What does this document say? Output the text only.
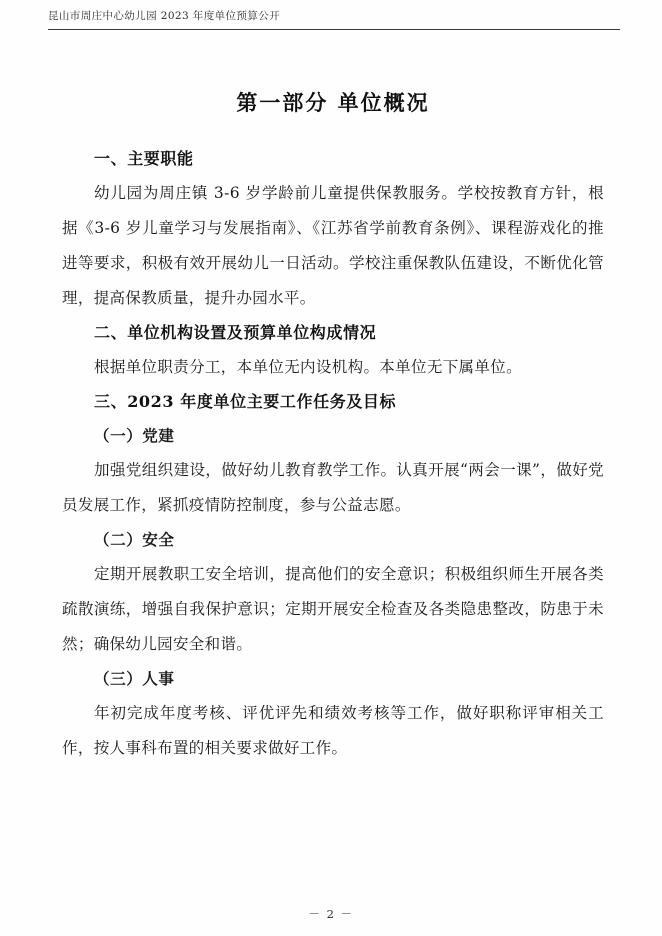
昆山市周庄中心幼儿园 2023 年度单位预算公开
第一部分 单位概况
一、主要职能

幼儿园为周庄镇 3-6 岁学龄前儿童提供保教服务。学校按教育方针，根据《3-6 岁儿童学习与发展指南》、《江苏省学前教育条例》、课程游戏化的推进等要求，积极有效开展幼儿一日活动。学校注重保教队伍建设，不断优化管理，提高保教质量，提升办园水平。

二、单位机构设置及预算单位构成情况

根据单位职责分工，本单位无内设机构。本单位无下属单位。

三、2023 年度单位主要工作任务及目标
（一）党建

加强党组织建设，做好幼儿教育教学工作。认真开展“两会一课”，做好党员发展工作，紧抓疫情防控制度，参与公益志愿。

（二）安全

定期开展教职工安全培训，提高他们的安全意识；积极组织师生开展各类疏散演练，增强自我保护意识；定期开展安全检查及各类隐患整改，防患于未然；确保幼儿园安全和谐。

（三）人事

年初完成年度考核、评优评先和绩效考核等工作，做好职称评审相关工作，按人事科布置的相关要求做好工作。

－ 2 －
